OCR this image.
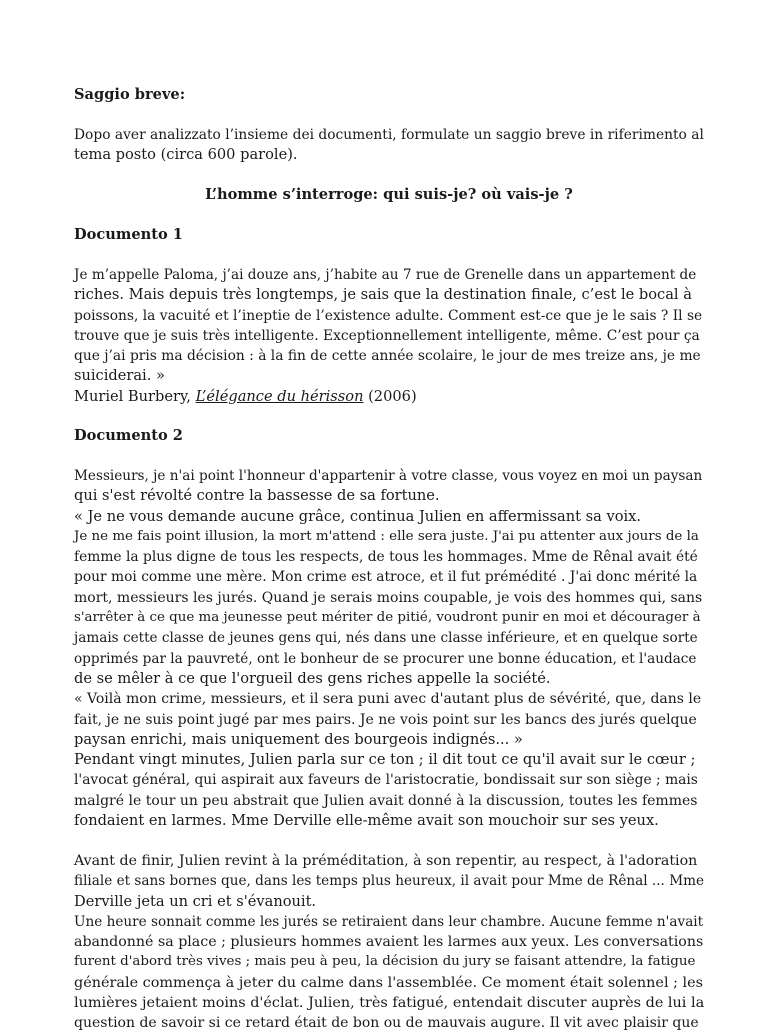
Saggio breve:

Dopo aver analizzato l’insieme dei documenti, formulate un saggio breve in riferimento al

tema posto (circa 600 parole).

L’homme s’interroge: qui suis-je? où vais-je ?

Documento 1

Je m’appelle Paloma, j’ai douze ans, j’habite au 7 rue de Grenelle dans un appartement de

riches. Mais depuis très longtemps, je sais que la destination finale, c’est le bocal à

poissons, la vacuité et l’ineptie de l’existence adulte. Comment est-ce que je le sais ? Il se

trouve que je suis très intelligente. Exceptionnellement intelligente, même. C’est pour ça

que j’ai pris ma décision : à la fin de cette année scolaire, le jour de mes treize ans, je me

suiciderai. »

Muriel Burbery, L’élégance du hérisson (2006)

Documento 2

Messieurs, je n'ai point l'honneur d'appartenir à votre classe, vous voyez en moi un paysan

qui s'est révolté contre la bassesse de sa fortune.

« Je ne vous demande aucune grâce, continua Julien en affermissant sa voix.

Je ne me fais point illusion, la mort m'attend : elle sera juste. J'ai pu attenter aux jours de la

femme la plus digne de tous les respects, de tous les hommages. Mme de Rênal avait été

pour moi comme une mère. Mon crime est atroce, et il fut prémédité . J'ai donc mérité la

mort, messieurs les jurés. Quand je serais moins coupable, je vois des hommes qui, sans

s'arrêter à ce que ma jeunesse peut mériter de pitié, voudront punir en moi et décourager à

jamais cette classe de jeunes gens qui, nés dans une classe inférieure, et en quelque sorte

opprimés par la pauvreté, ont le bonheur de se procurer une bonne éducation, et l'audace

de se mêler à ce que l'orgueil des gens riches appelle la société.

« Voilà mon crime, messieurs, et il sera puni avec d'autant plus de sévérité, que, dans le

fait, je ne suis point jugé par mes pairs. Je ne vois point sur les bancs des jurés quelque

paysan enrichi, mais uniquement des bourgeois indignés... »

Pendant vingt minutes, Julien parla sur ce ton ; il dit tout ce qu'il avait sur le cœur ;

l'avocat général, qui aspirait aux faveurs de l'aristocratie, bondissait sur son siège ; mais

malgré le tour un peu abstrait que Julien avait donné à la discussion, toutes les femmes

fondaient en larmes. Mme Derville elle-même avait son mouchoir sur ses yeux.

Avant de finir, Julien revint à la préméditation, à son repentir, au respect, à l'adoration

filiale et sans bornes que, dans les temps plus heureux, il avait pour Mme de Rênal ... Mme

Derville jeta un cri et s'évanouit.

Une heure sonnait comme les jurés se retiraient dans leur chambre. Aucune femme n'avait

abandonné sa place ; plusieurs hommes avaient les larmes aux yeux. Les conversations

furent d'abord très vives ; mais peu à peu, la décision du jury se faisant attendre, la fatigue

générale commença à jeter du calme dans l'assemblée. Ce moment était solennel ; les

lumières jetaient moins d'éclat. Julien, très fatigué, entendait discuter auprès de lui la

question de savoir si ce retard était de bon ou de mauvais augure. Il vit avec plaisir que
